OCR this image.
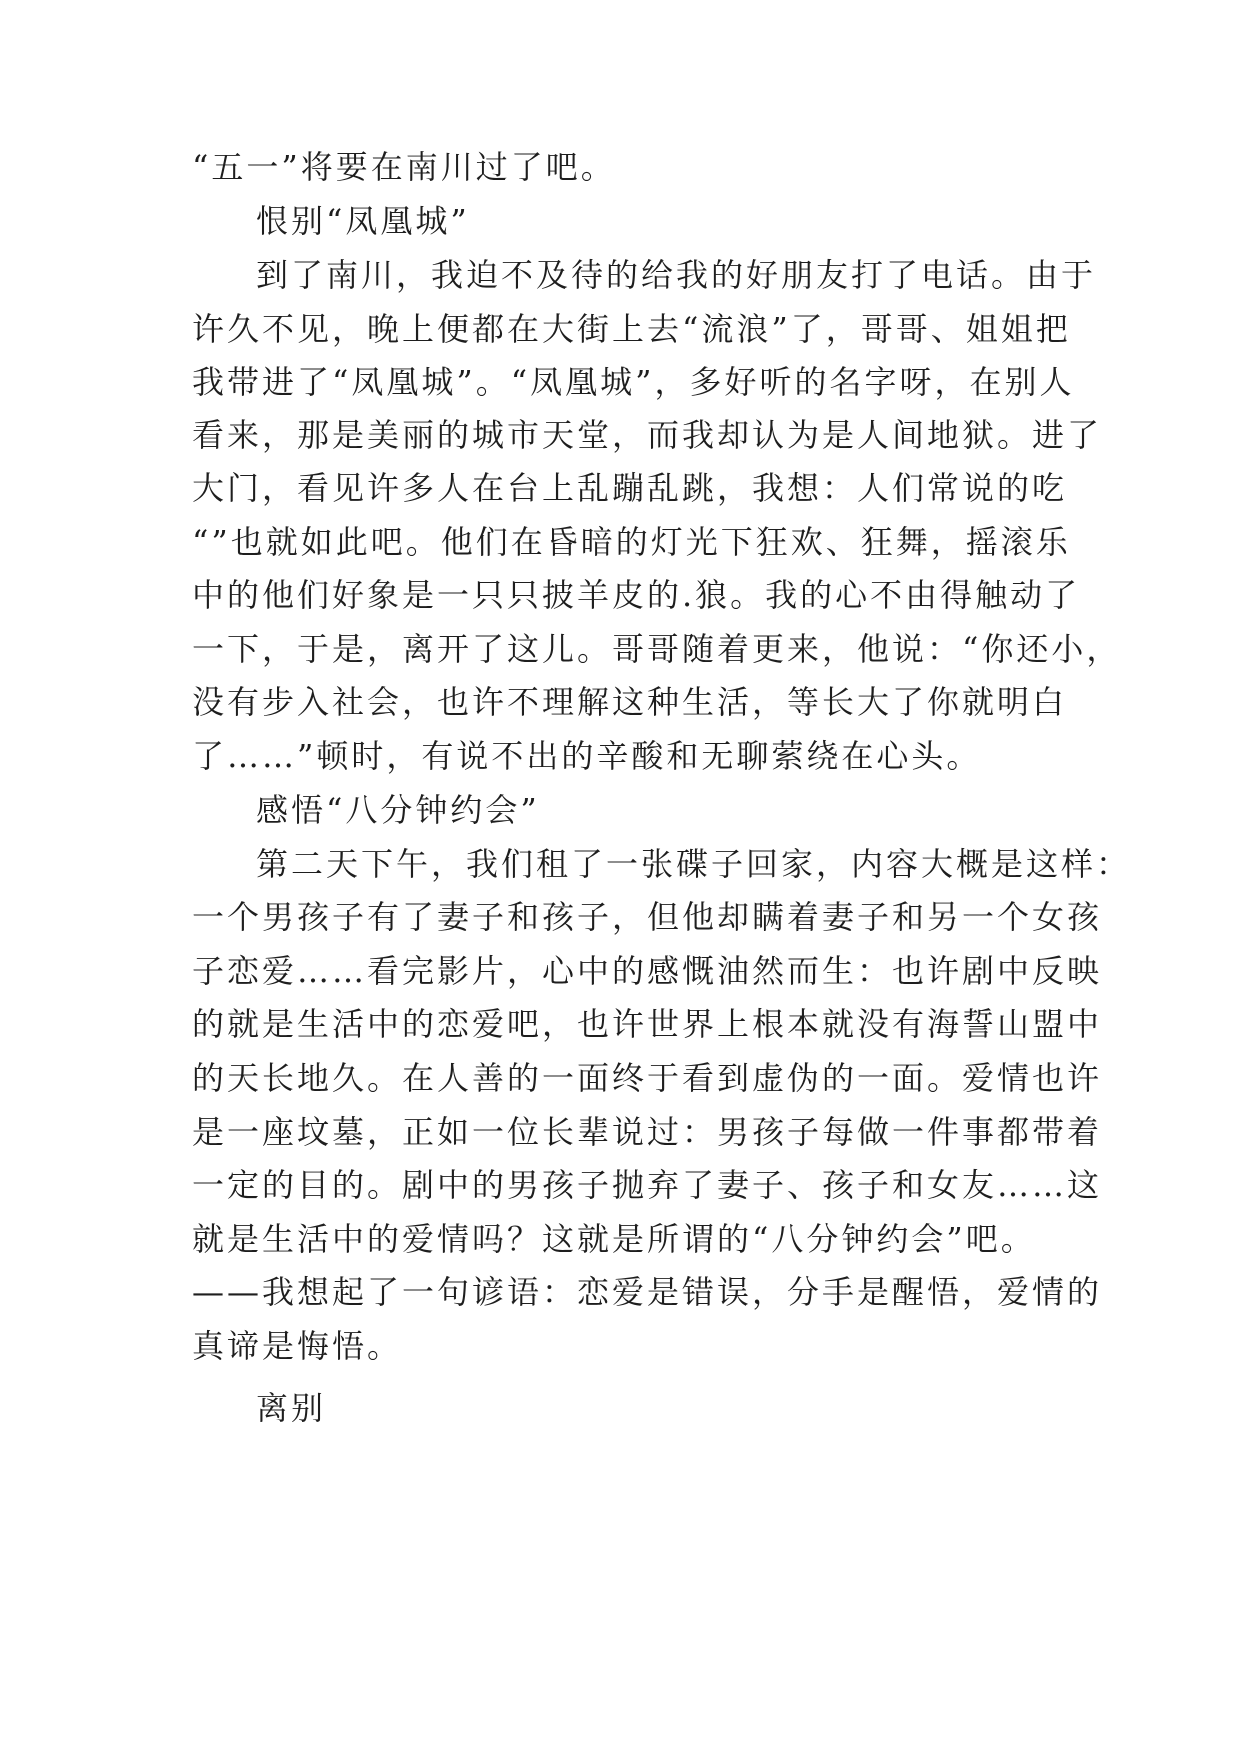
“五一”将要在南川过了吧。
恨别“凤凰城”
到了南川，我迫不及待的给我的好朋友打了电话。由于
许久不见，晚上便都在大街上去“流浪”了，哥哥、姐姐把
我带进了“凤凰城”。“凤凰城”，多好听的名字呀，在别人
看来，那是美丽的城市天堂，而我却认为是人间地狱。进了
大门，看见许多人在台上乱蹦乱跳，我想：人们常说的吃
“”也就如此吧。他们在昏暗的灯光下狂欢、狂舞，摇滚乐
中的他们好象是一只只披羊皮的.狼。我的心不由得触动了
一下，于是，离开了这儿。哥哥随着更来，他说：“你还小，
没有步入社会，也许不理解这种生活，等长大了你就明白
了……”顿时，有说不出的辛酸和无聊萦绕在心头。
感悟“八分钟约会”
第二天下午，我们租了一张碟子回家，内容大概是这样：
一个男孩子有了妻子和孩子，但他却瞒着妻子和另一个女孩
子恋爱……看完影片，心中的感慨油然而生：也许剧中反映
的就是生活中的恋爱吧，也许世界上根本就没有海誓山盟中
的天长地久。在人善的一面终于看到虚伪的一面。爱情也许
是一座坟墓，正如一位长辈说过：男孩子每做一件事都带着
一定的目的。剧中的男孩子抛弃了妻子、孩子和女友……这
就是生活中的爱情吗？这就是所谓的“八分钟约会”吧。
——我想起了一句谚语：恋爱是错误，分手是醒悟，爱情的
真谛是悔悟。
离别
